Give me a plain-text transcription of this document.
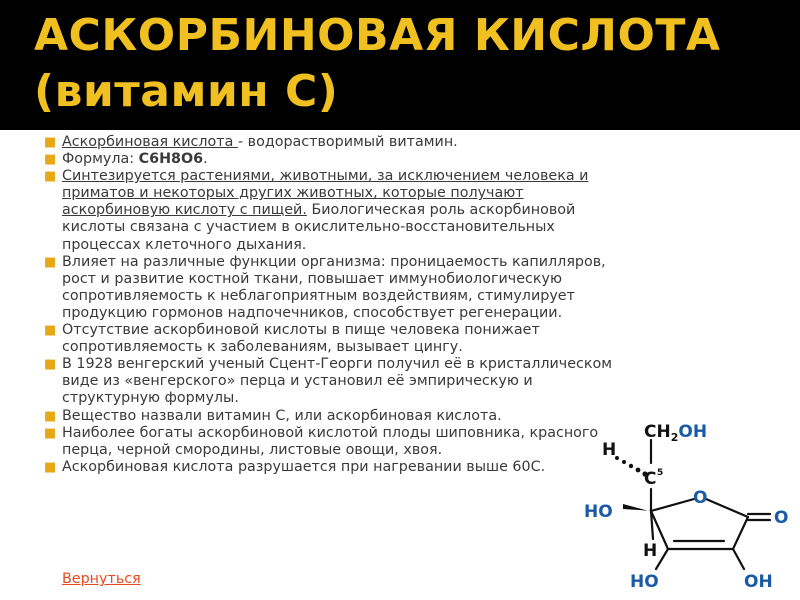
АСКОРБИНОВАЯ КИСЛОТА
(витамин С)
■ Аскорбиновая кислота - водорастворимый витамин.
■ Формула: С6Н8О6.
■ Синтезируется растениями, животными, за исключением человека и приматов и некоторых других животных, которые получают аскорбиновую кислоту с пищей. Биологическая роль аскорбиновой кислоты связана с участием в окислительно-восстановительных процессах клеточного дыхания.
■ Влияет на различные функции организма: проницаемость капилляров, рост и развитие костной ткани, повышает иммунобиологическую сопротивляемость к неблагоприятным воздействиям, стимулирует продукцию гормонов надпочечников, способствует регенерации.
■ Отсутствие аскорбиновой кислоты в пище человека понижает сопротивляемость к заболеваниям, вызывает цингу.
■ В 1928 венгерский ученый Сцент-Георги получил её в кристаллическом виде из «венгерского» перца и установил её эмпирическую и структурную формулы.
■ Вещество назвали витамин С, или аскорбиновая кислота.
■ Наиболее богаты аскорбиновой кислотой плоды шиповника, красного перца, черной смородины, листовые овощи, хвоя.
■ Аскорбиновая кислота разрушается при нагревании выше 60С.
Вернуться
$CH_2OH$
H
C 5
O
O
HO
H
HO	OH
